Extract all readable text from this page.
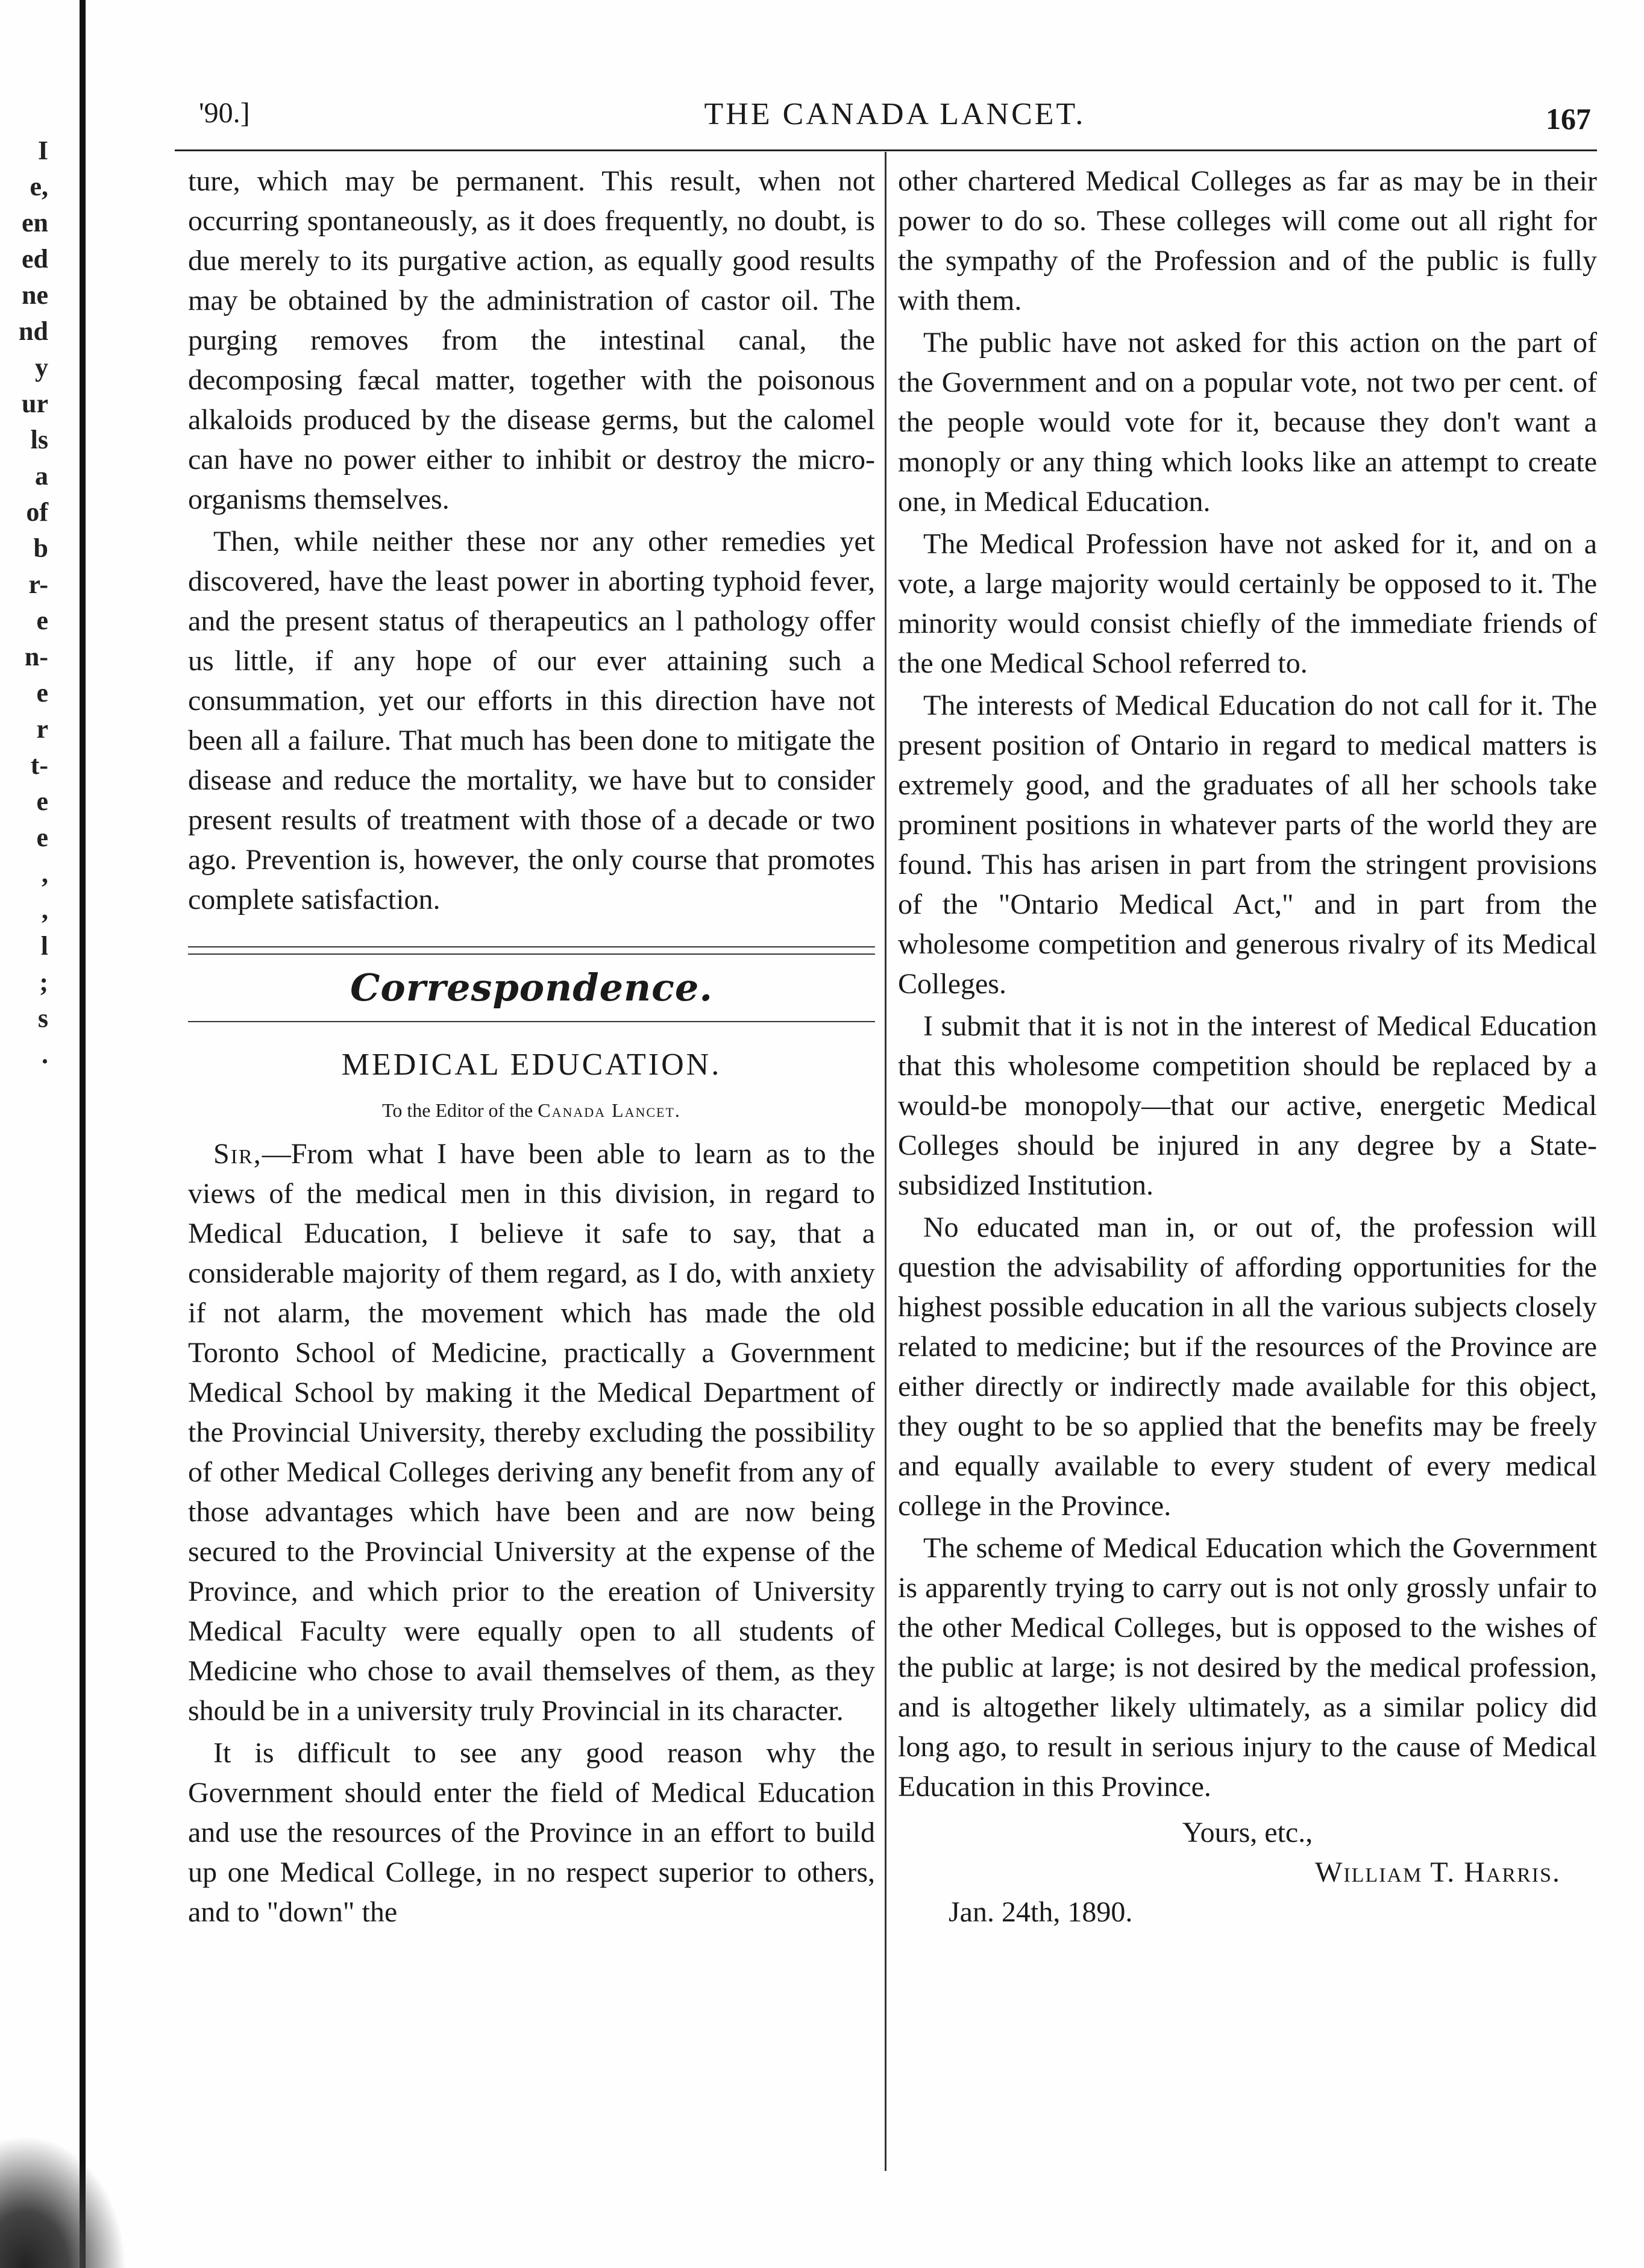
I
e,
en
ed
ne
nd
y
ur
ls
a
of
b
r-
e
n-
e
r
t-
e
e
,
,
l
;
s
.
'90.]	THE CANADA LANCET.	167

ture, which may be permanent. This result, when not occurring spontaneously, as it does frequently, no doubt, is due merely to its purgative action, as equally good results may be obtained by the administration of castor oil. The purging removes from the intestinal canal, the decomposing fæcal matter, together with the poisonous alkaloids produced by the disease germs, but the calomel can have no power either to inhibit or destroy the micro-organisms themselves.

Then, while neither these nor any other remedies yet discovered, have the least power in aborting typhoid fever, and the present status of therapeutics an l pathology offer us little, if any hope of our ever attaining such a consummation, yet our efforts in this direction have not been all a failure. That much has been done to mitigate the disease and reduce the mortality, we have but to consider present results of treatment with those of a decade or two ago. Prevention is, however, the only course that promotes complete satisfaction.

Correspondence.
MEDICAL EDUCATION.
To the Editor of the Canada Lancet.

Sir,—From what I have been able to learn as to the views of the medical men in this division, in regard to Medical Education, I believe it safe to say, that a considerable majority of them regard, as I do, with anxiety if not alarm, the movement which has made the old Toronto School of Medicine, practically a Government Medical School by making it the Medical Department of the Provincial University, thereby excluding the possibility of other Medical Colleges deriving any benefit from any of those advantages which have been and are now being secured to the Provincial University at the expense of the Province, and which prior to the ereation of University Medical Faculty were equally open to all students of Medicine who chose to avail themselves of them, as they should be in a university truly Provincial in its character.

It is difficult to see any good reason why the Government should enter the field of Medical Education and use the resources of the Province in an effort to build up one Medical College, in no respect superior to others, and to "down" the

other chartered Medical Colleges as far as may be in their power to do so. These colleges will come out all right for the sympathy of the Profession and of the public is fully with them.

The public have not asked for this action on the part of the Government and on a popular vote, not two per cent. of the people would vote for it, because they don't want a monoply or any thing which looks like an attempt to create one, in Medical Education.

The Medical Profession have not asked for it, and on a vote, a large majority would certainly be opposed to it. The minority would consist chiefly of the immediate friends of the one Medical School referred to.

The interests of Medical Education do not call for it. The present position of Ontario in regard to medical matters is extremely good, and the graduates of all her schools take prominent positions in whatever parts of the world they are found. This has arisen in part from the stringent provisions of the "Ontario Medical Act," and in part from the wholesome competition and generous rivalry of its Medical Colleges.

I submit that it is not in the interest of Medical Education that this wholesome competition should be replaced by a would-be monopoly—that our active, energetic Medical Colleges should be injured in any degree by a State-subsidized Institution.

No educated man in, or out of, the profession will question the advisability of affording opportunities for the highest possible education in all the various subjects closely related to medicine; but if the resources of the Province are either directly or indirectly made available for this object, they ought to be so applied that the benefits may be freely and equally available to every student of every medical college in the Province.

The scheme of Medical Education which the Government is apparently trying to carry out is not only grossly unfair to the other Medical Colleges, but is opposed to the wishes of the public at large; is not desired by the medical profession, and is altogether likely ultimately, as a similar policy did long ago, to result in serious injury to the cause of Medical Education in this Province.

Yours, etc.,
William T. Harris.

Jan. 24th, 1890.
